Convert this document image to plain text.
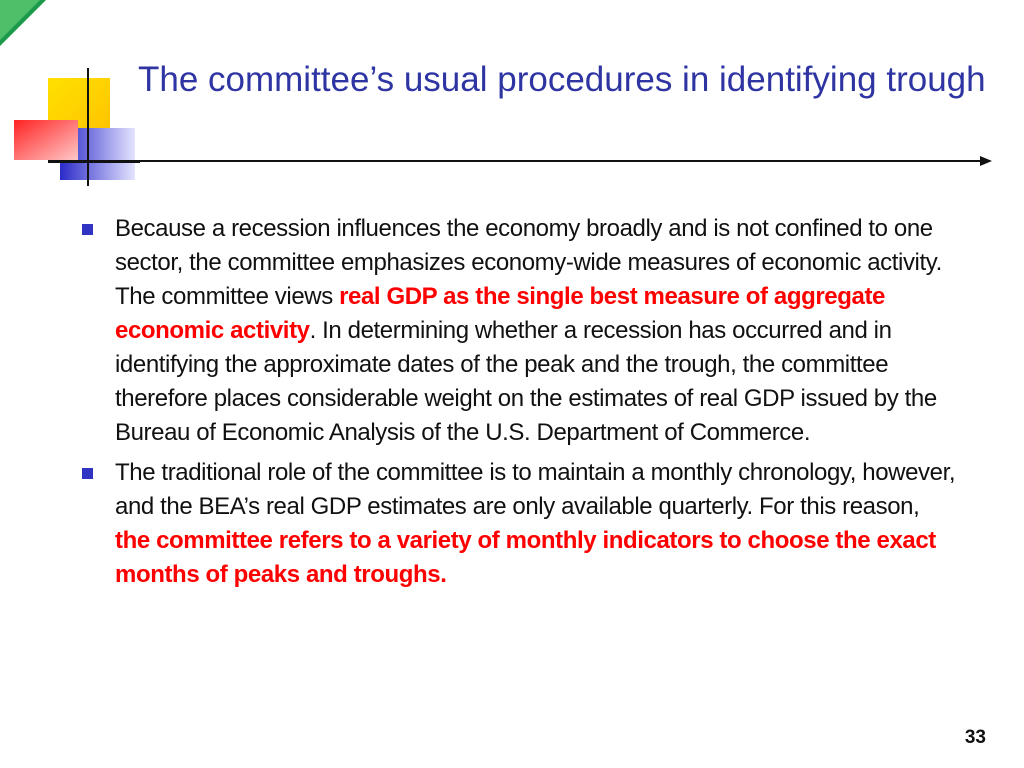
The committee’s usual procedures in identifying trough
Because a recession influences the economy broadly and is not confined to one sector, the committee emphasizes economy-wide measures of economic activity. The committee views real GDP as the single best measure of aggregate economic activity. In determining whether a recession has occurred and in identifying the approximate dates of the peak and the trough, the committee therefore places considerable weight on the estimates of real GDP issued by the Bureau of Economic Analysis of the U.S. Department of Commerce.
The traditional role of the committee is to maintain a monthly chronology, however, and the BEA’s real GDP estimates are only available quarterly. For this reason, the committee refers to a variety of monthly indicators to choose the exact months of peaks and troughs.
33
